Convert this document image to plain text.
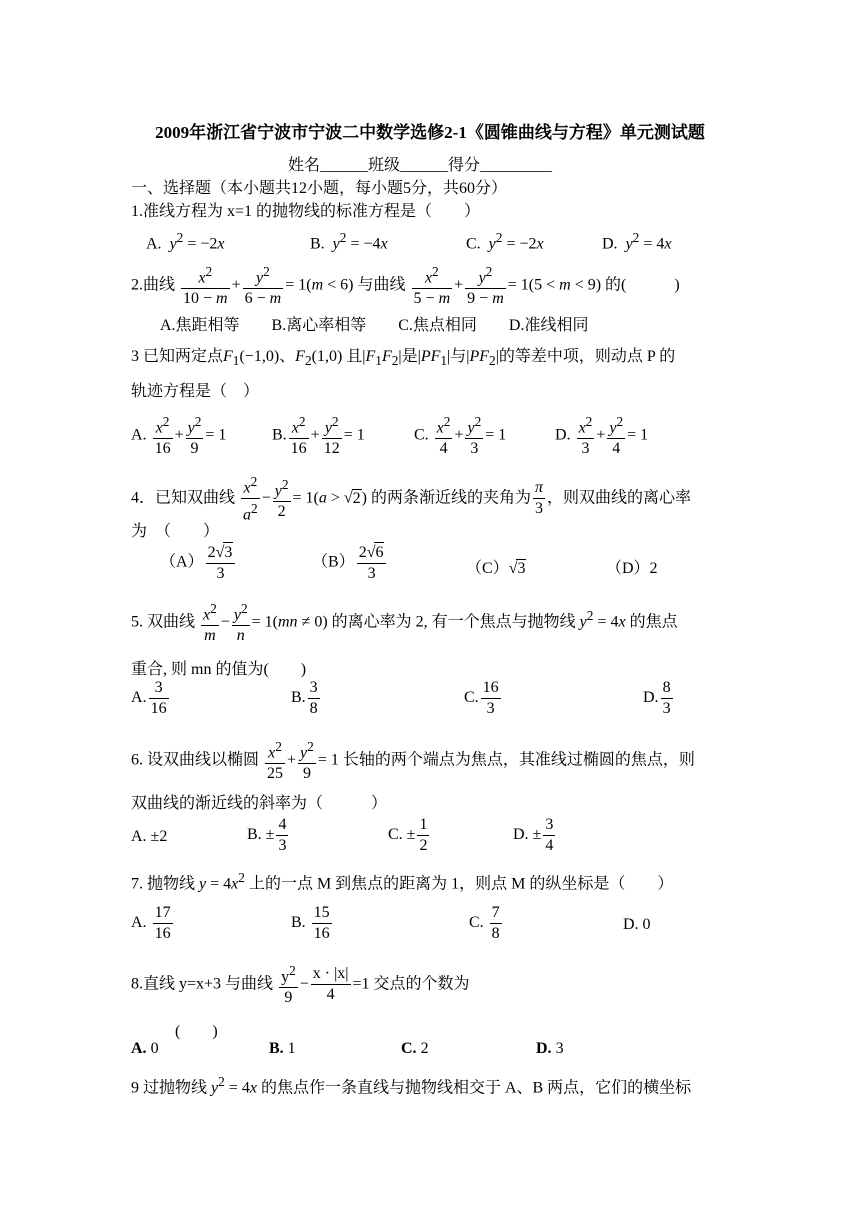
2009年浙江省宁波市宁波二中数学选修2-1《圆锥曲线与方程》单元测试题
姓名______班级______得分_________
一、选择题（本小题共12小题，每小题5分，共60分）
1.准线方程为 x=1 的抛物线的标准方程是（　　）
A. $y^2 = -2x$	B. $y^2 = -4x$	C. $y^2 = -2x$	D. $y^2 = 4x$
2.曲线 $\frac{x^2}{10 - m} + \frac{y^2}{6 - m} = 1(m < 6)$ 与曲线 $\frac{x^2}{5 - m} + \frac{y^2}{9 - m} = 1(5 < m < 9)$ 的(　　　)
A.焦距相等　　B.离心率相等　　C.焦点相同　　D.准线相同
3 已知两定点$F_1(-1,0)$、$F_2(1,0)$ 且$|F_1F_2|$是$|PF_1|$与$|PF_2|$的等差中项，则动点 P 的
轨迹方程是（　）
A. $\frac{x^2}{16} + \frac{y^2}{9} = 1$	B. $\frac{x^2}{16} + \frac{y^2}{12} = 1$	C. $\frac{x^2}{4} + \frac{y^2}{3} = 1$	D. $\frac{x^2}{3} + \frac{y^2}{4} = 1$
4．已知双曲线 $\frac{x^2}{a^2} - \frac{y^2}{2} = 1(a > √2)$ 的两条渐近线的夹角为 $\frac{\pi}{3}$ ，则双曲线的离心率
为　（　　）
$(A) \frac{2√3}{3}$	$(B) \frac{2√6}{3}$	（C）√3	（D）2
5. 双曲线 $\frac{x^2}{m} - \frac{y^2}{n} = 1(mn \ne 0)$ 的离心率为 2, 有一个焦点与抛物线 $y^2 = 4x$ 的焦点
重合, 则 mn 的值为(　　)
A. $\frac{3}{16}$	B. $\frac{3}{8}$	C. $\frac{16}{3}$	D. $\frac{8}{3}$
6. 设双曲线以椭圆 $\frac{x^2}{25} + \frac{y^2}{9} = 1$ 长轴的两个端点为焦点，其准线过椭圆的焦点，则
双曲线的渐近线的斜率为（　　　）
A. ±2	B. ± $\frac{4}{3}$	C. ± $\frac{1}{2}$	D. ± $\frac{3}{4}$
7. 抛物线 $y = 4x^2$ 上的一点 M 到焦点的距离为 1，则点 M 的纵坐标是（　　）
A. $\frac{17}{16}$	B. $\frac{15}{16}$	C. $\frac{7}{8}$	D. 0
8.直线 y=x+3 与曲线 $\frac{y^2}{9} - \frac{x \cdot |x|}{4} =1$ 交点的个数为
(　　)
A. 0	B. 1	C. 2	D. 3
9 过抛物线 $y^2 = 4x$ 的焦点作一条直线与抛物线相交于 A、B 两点，它们的横坐标
